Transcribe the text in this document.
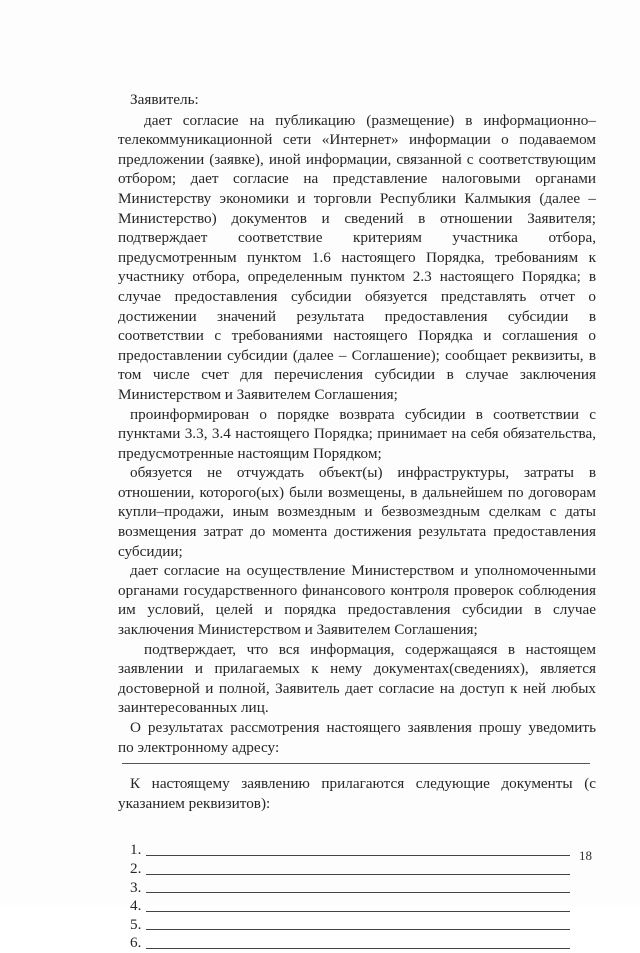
Заявитель:

дает согласие на публикацию (размещение) в информационно–телекоммуникационной сети «Интернет» информации о подаваемом предложении (заявке), иной информации, связанной с соответствующим отбором; дает согласие на представление налоговыми органами Министерству экономики и торговли Республики Калмыкия (далее – Министерство) документов и сведений в отношении Заявителя; подтверждает соответствие критериям участника отбора, предусмотренным пунктом 1.6 настоящего Порядка, требованиям к участнику отбора, определенным пунктом 2.3 настоящего Порядка; в случае предоставления субсидии обязуется представлять отчет о достижении значений результата предоставления субсидии в соответствии с требованиями настоящего Порядка и соглашения о предоставлении субсидии (далее – Соглашение); сообщает реквизиты, в том числе счет для перечисления субсидии в случае заключения Министерством и Заявителем Соглашения;

проинформирован о порядке возврата субсидии в соответствии с пунктами 3.3, 3.4 настоящего Порядка; принимает на себя обязательства, предусмотренные настоящим Порядком;

обязуется не отчуждать объект(ы) инфраструктуры, затраты в отношении, которого(ых) были возмещены, в дальнейшем по договорам купли–продажи, иным возмездным и безвозмездным сделкам с даты возмещения затрат до момента достижения результата предоставления субсидии;

дает согласие на осуществление Министерством и уполномоченными органами государственного финансового контроля проверок соблюдения им условий, целей и порядка предоставления субсидии в случае заключения Министерством и Заявителем Соглашения;

подтверждает, что вся информация, содержащаяся в настоящем заявлении и прилагаемых к нему документах(сведениях), является достоверной и полной, Заявитель дает согласие на доступ к ней любых заинтересованных лиц.

О результатах рассмотрения настоящего заявления прошу уведомить по электронному адресу:

К настоящему заявлению прилагаются следующие документы (с указанием реквизитов):

1.
2.
3.
4.
5.
6.
18
